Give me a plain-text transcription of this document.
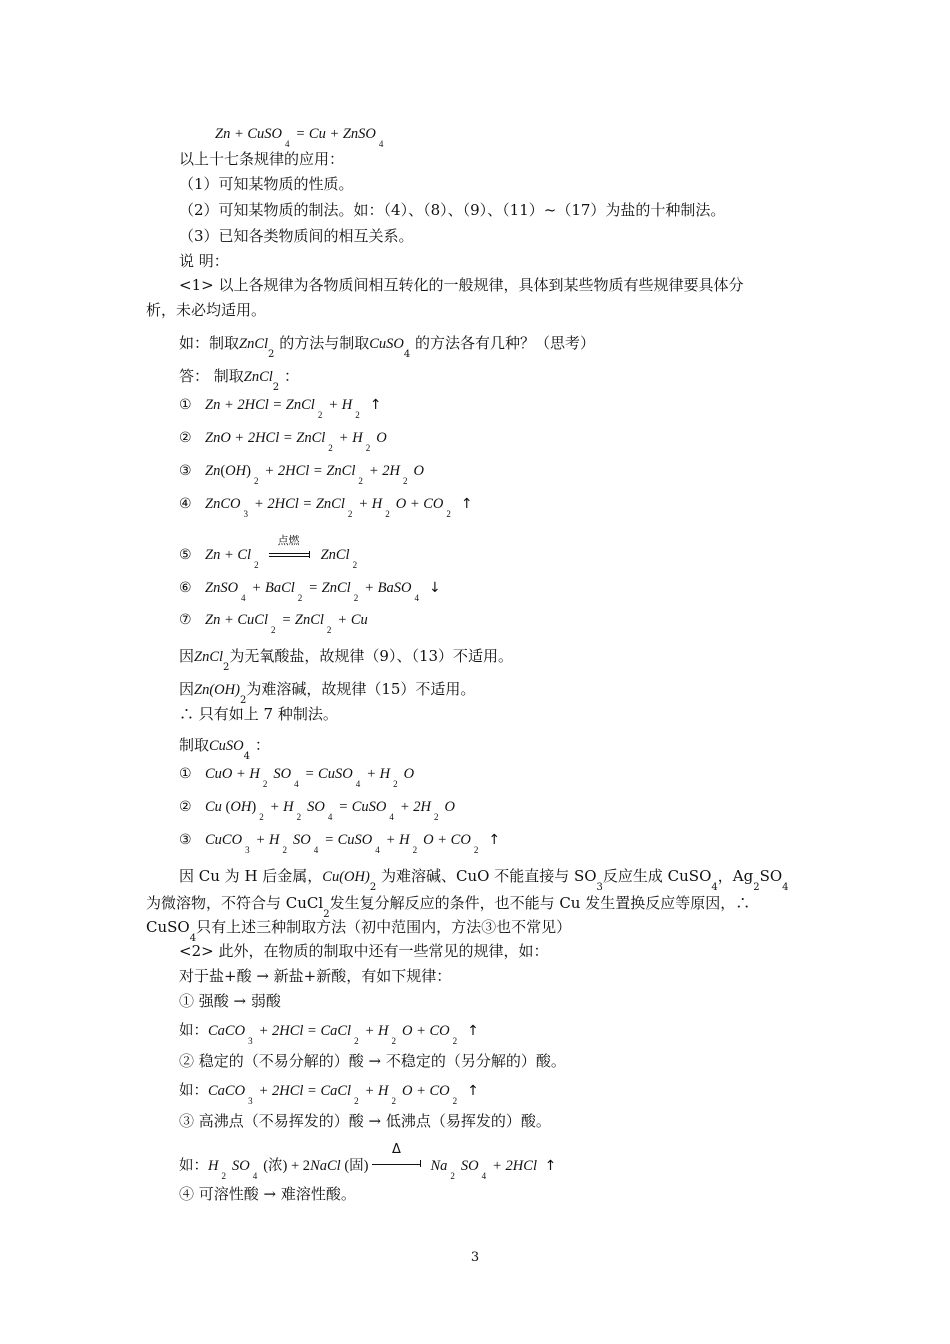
Zn + CuSO$_4$= Cu + ZnSO$_4$
以上十七条规律的应用：
（1）可知某物质的性质。
（2）可知某物质的制法。如：（4）、（8）、（9）、（11）~（17）为盐的十种制法。
（3）已知各类物质间的相互关系。
说 明：
<1> 以上各规律为各物质间相互转化的一般规律，具体到某些物质有些规律要具体分
析，未必均适用。
如：制取ZnCl$_2$ 的方法与制取CuSO$_4$ 的方法各有几种？（思考）
答： 制取ZnCl$_2$ ：
① Zn + 2HCl = ZnCl$_2$+ $H_2↑$
② ZnO + 2HCl = ZnCl$_2$+ $H_2O$
③ $Zn(OH)_2+ 2HCl$ = ZnCl$_2$+ $2H_2O$
④ ZnCO$_3$+ 2HCl = ZnCl$_2$+ $H_2O$ + $CO_2↑$
⑤ $Zn + Cl_2$
点燃
ZnCl$_2$
⑥ ZnSO$_4$+ BaCl$_2$= ZnCl$_2$+ BaSO$_4$↓
⑦ Zn + CuCl$_2$= ZnCl$_2$+ Cu
因ZnCl$_2$为无氧酸盐，故规律（9）、（13）不适用。
因$Zn(OH)_2$为难溶碱，故规律（15）不适用。
∴ 只有如上 7 种制法。
制取CuSO$_4$ ：
① CuO + $H_2SO_4=$ CuSO$_4$+ $H_2O$
② Cu $(OH)_2+ H_2SO_4=$ CuSO$_4$+ $2H_2O$
③ CuCO$_3$+ $H_2SO_4=$ CuSO$_4$+ $H_2O$ + $CO_2↑$
因 Cu 为 H 后金属，$Cu(OH)_2$ 为难溶碱、CuO 不能直接与 $SO_3$反应生成 CuSO$_4$，$Ag_2SO_4$
为微溶物，不符合与 CuCl$_2$发生复分解反应的条件，也不能与 Cu 发生置换反应等原因，∴
CuSO$_4$只有上述三种制取方法（初中范围内，方法③也不常见）
<2> 此外，在物质的制取中还有一些常见的规律，如：
对于盐+酸 → 新盐+新酸，有如下规律：
① 强酸 → 弱酸
如：CaCO$_3$+ 2HCl = CaCl$_2$+ $H_2O$ + $CO_2↑$
② 稳定的（不易分解的）酸 → 不稳定的（另分解的）酸。
如：CaCO$_3$+ 2HCl = CaCl$_2$+ $H_2O$ + $CO_2↑$
③ 高沸点（不易挥发的）酸 → 低沸点（易挥发的）酸。
如：$H_2SO_4$(浓) + 2NaCl (固)
Δ
$Na_2SO_4+ 2HCl$ ↑
④ 可溶性酸 → 难溶性酸。
3
